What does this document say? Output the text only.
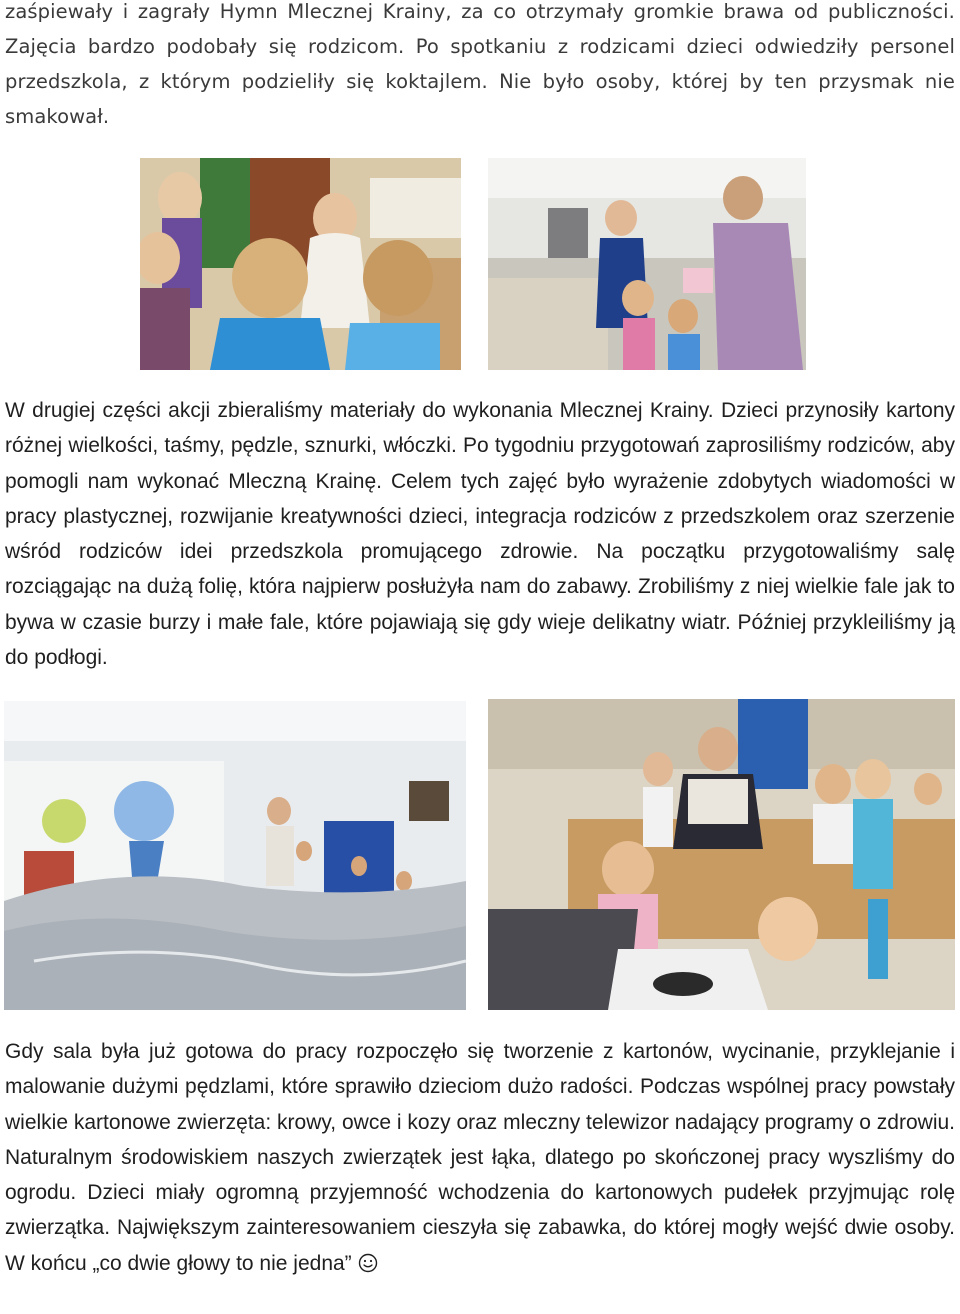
zaśpiewały i zagrały Hymn Mlecznej Krainy, za co otrzymały gromkie brawa od publiczności. Zajęcia bardzo podobały się rodzicom. Po spotkaniu z rodzicami dzieci odwiedziły personel przedszkola, z którym podzieliły się koktajlem. Nie było osoby, której by ten przysmak nie smakował.

W drugiej części akcji zbieraliśmy materiały do wykonania Mlecznej Krainy. Dzieci przynosiły kartony różnej wielkości, taśmy, pędzle, sznurki, włóczki. Po tygodniu przygotowań zaprosiliśmy rodziców, aby pomogli nam wykonać Mleczną Krainę. Celem tych zajęć było wyrażenie zdobytych wiadomości w pracy plastycznej, rozwijanie kreatywności dzieci, integracja rodziców z przedszkolem oraz szerzenie wśród rodziców idei przedszkola promującego zdrowie. Na początku przygotowaliśmy salę rozciągając na dużą folię, która najpierw posłużyła nam do zabawy. Zrobiliśmy z niej wielkie fale jak to bywa w czasie burzy i małe fale, które pojawiają się gdy wieje delikatny wiatr. Później przykleiliśmy ją do podłogi.

Gdy sala była już gotowa do pracy rozpoczęło się tworzenie z kartonów, wycinanie, przyklejanie i malowanie dużymi pędzlami, które sprawiło dzieciom dużo radości. Podczas wspólnej pracy powstały wielkie kartonowe zwierzęta: krowy, owce i kozy oraz mleczny telewizor nadający programy o zdrowiu. Naturalnym środowiskiem naszych zwierzątek jest łąka, dlatego po skończonej pracy wyszliśmy do ogrodu. Dzieci miały ogromną przyjemność wchodzenia do kartonowych pudełek przyjmując rolę zwierzątka. Największym zainteresowaniem cieszyła się zabawka, do której mogły wejść dwie osoby. W końcu „co dwie głowy to nie jedna”
